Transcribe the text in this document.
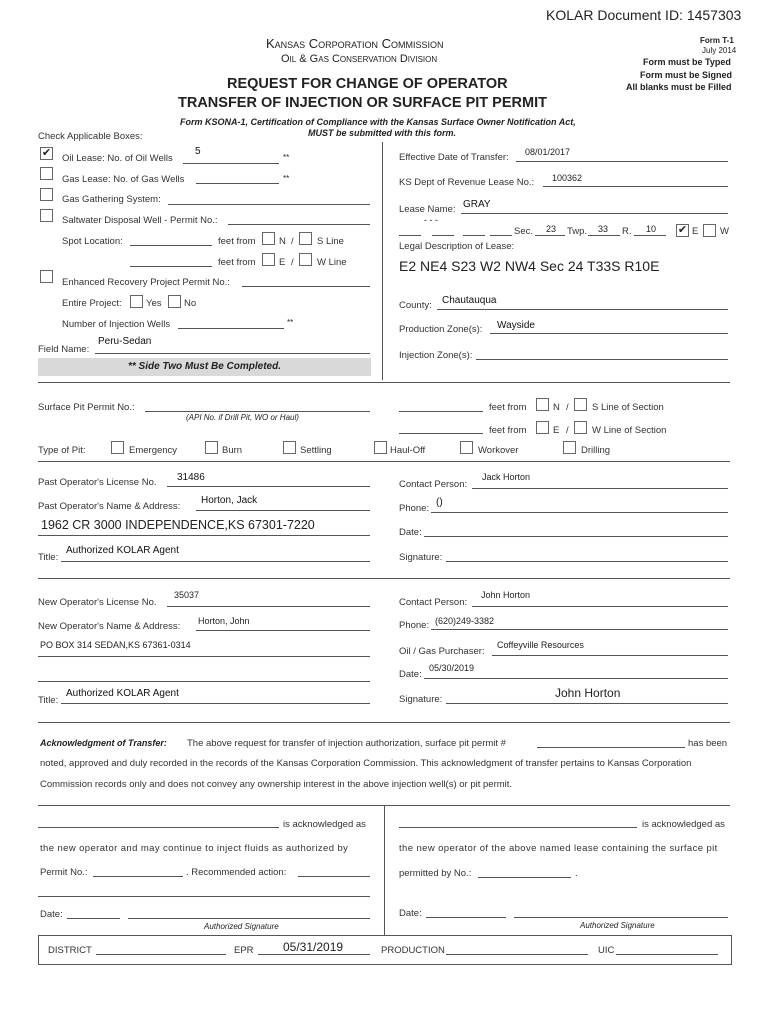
KOLAR Document ID: 1457303
Kansas Corporation Commission
Oil & Gas Conservation Division
REQUEST FOR CHANGE OF OPERATOR
TRANSFER OF INJECTION OR SURFACE PIT PERMIT
Form T-1
July 2014
Form must be Typed
Form must be Signed
All blanks must be Filled
Form KSONA-1, Certification of Compliance with the Kansas Surface Owner Notification Act,
MUST be submitted with this form.
Check Applicable Boxes:
✔ Oil Lease: No. of Oil Wells
5
**
Gas Lease: No. of Gas Wells	**
Gas Gathering System:
Saltwater Disposal Well - Permit No.:
Spot Location:	feet from N / S Line
feet from E / W Line
Enhanced Recovery Project Permit No.:
Entire Project:	Yes No
Number of Injection Wells	**
Field Name:
Peru-Sedan
** Side Two Must Be Completed.
Effective Date of Transfer: 08/01/2017
KS Dept of Revenue Lease No.: 100362
Lease Name: GRAY
- - -
Sec. 23 Twp. 33 R. 10 ✔ E W
Legal Description of Lease:
E2 NE4 S23 W2 NW4 Sec 24 T33S R10E
County: Chautauqua
Production Zone(s): Wayside
Injection Zone(s):
Surface Pit Permit No.:
(API No. if Drill Pit, WO or Haul)
feet from	N / S Line of Section
feet from	E / W Line of Section
Type of Pit:	Emergency	Burn	Settling	Haul-Off	Workover	Drilling
Past Operator's License No. 31486
Past Operator's Name & Address:
Horton, Jack
1962 CR 3000 INDEPENDENCE,KS 67301-7220
Title:
Authorized KOLAR Agent
Contact Person:
Jack Horton
Phone:
()
Date:
Signature:
New Operator's License No.
35037
New Operator's Name & Address: Horton, John
PO BOX 314 SEDAN,KS 67361-0314
Title:
Authorized KOLAR Agent
Contact Person:
John Horton
Phone: (620)249-3382
Oil / Gas Purchaser:
Coffeyville Resources
Date:
05/30/2019
Signature:	John Horton
Acknowledgment of Transfer: The above request for transfer of injection authorization, surface pit permit #	has been
noted, approved and duly recorded in the records of the Kansas Corporation Commission. This acknowledgment of transfer pertains to Kansas Corporation
Commission records only and does not convey any ownership interest in the above injection well(s) or pit permit.
is acknowledged as
the new operator and may continue to inject fluids as authorized by
Permit No.:	. Recommended action:
Date:
Authorized Signature
is acknowledged as
the new operator of the above named lease containing the surface pit
permitted by No.:	.
Date:
Authorized Signature
DISTRICT	EPR 05/31/2019	PRODUCTION	UIC
